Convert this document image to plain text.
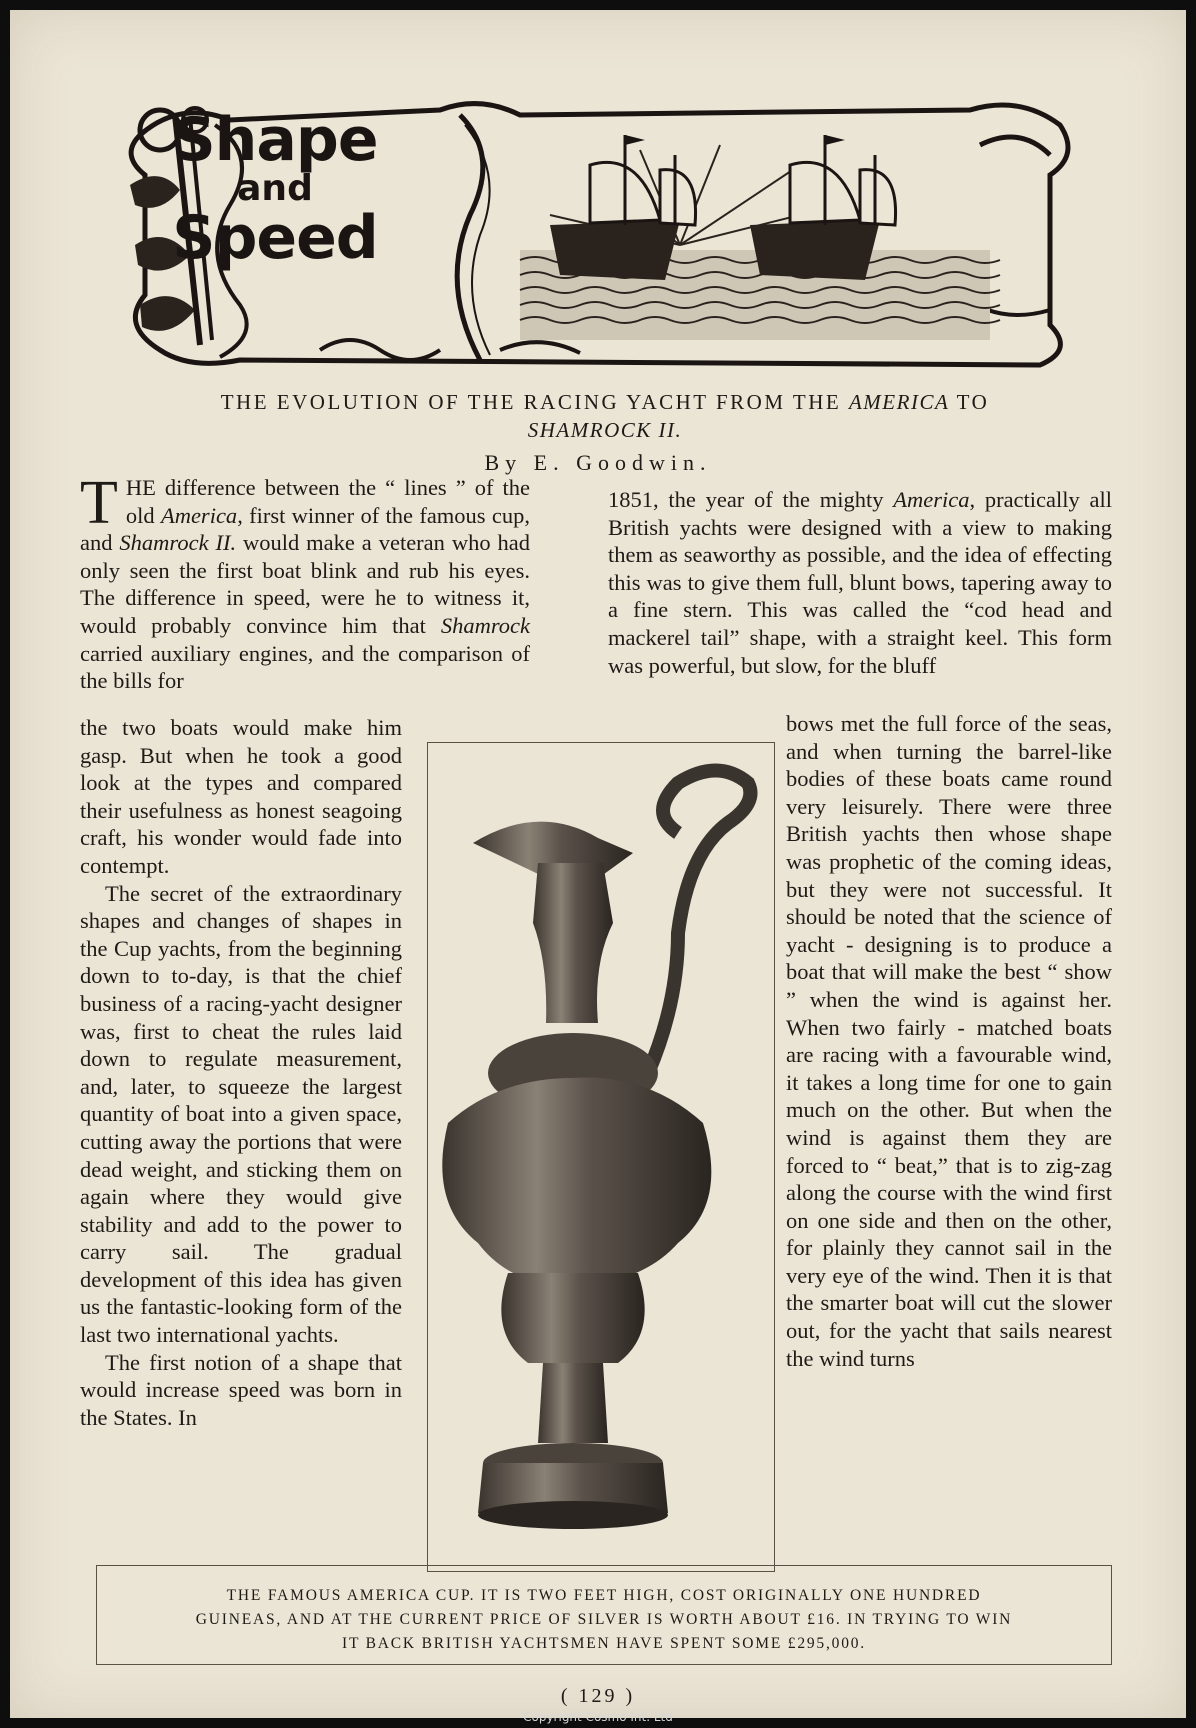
Shape
and
Speed
THE EVOLUTION OF THE RACING YACHT FROM THE AMERICA TO
SHAMROCK II.
By E. Goodwin.

THE difference between the “ lines ” of the old America, first winner of the famous cup, and Shamrock II. would make a veteran who had only seen the first boat blink and rub his eyes. The difference in speed, were he to witness it, would probably convince him that Shamrock carried auxiliary engines, and the comparison of the bills for

the two boats would make him gasp. But when he took a good look at the types and compared their usefulness as honest seagoing craft, his wonder would fade into contempt.

The secret of the extraordinary shapes and changes of shapes in the Cup yachts, from the beginning down to to-day, is that the chief business of a racing-yacht designer was, first to cheat the rules laid down to regulate measurement, and, later, to squeeze the largest quantity of boat into a given space, cutting away the portions that were dead weight, and sticking them on again where they would give stability and add to the power to carry sail. The gradual development of this idea has given us the fantastic-looking form of the last two international yachts.

The first notion of a shape that would increase speed was born in the States. In

1851, the year of the mighty America, practically all British yachts were designed with a view to making them as seaworthy as possible, and the idea of effecting this was to give them full, blunt bows, tapering away to a fine stern. This was called the “cod head and mackerel tail” shape, with a straight keel. This form was powerful, but slow, for the bluff

bows met the full force of the seas, and when turning the barrel-like bodies of these boats came round very leisurely. There were three British yachts then whose shape was prophetic of the coming ideas, but they were not successful. It should be noted that the science of yacht - designing is to produce a boat that will make the best “ show ” when the wind is against her. When two fairly - matched boats are racing with a favourable wind, it takes a long time for one to gain much on the other. But when the wind is against them they are forced to “ beat,” that is to zig-zag along the course with the wind first on one side and then on the other, for plainly they cannot sail in the very eye of the wind. Then it is that the smarter boat will cut the slower out, for the yacht that sails nearest the wind turns

THE FAMOUS AMERICA CUP. IT IS TWO FEET HIGH, COST ORIGINALLY ONE HUNDRED
GUINEAS, AND AT THE CURRENT PRICE OF SILVER IS WORTH ABOUT £16. IN TRYING TO WIN
IT BACK BRITISH YACHTSMEN HAVE SPENT SOME £295,000.
( 129 )
Copyright Cosmo Int. Ltd
